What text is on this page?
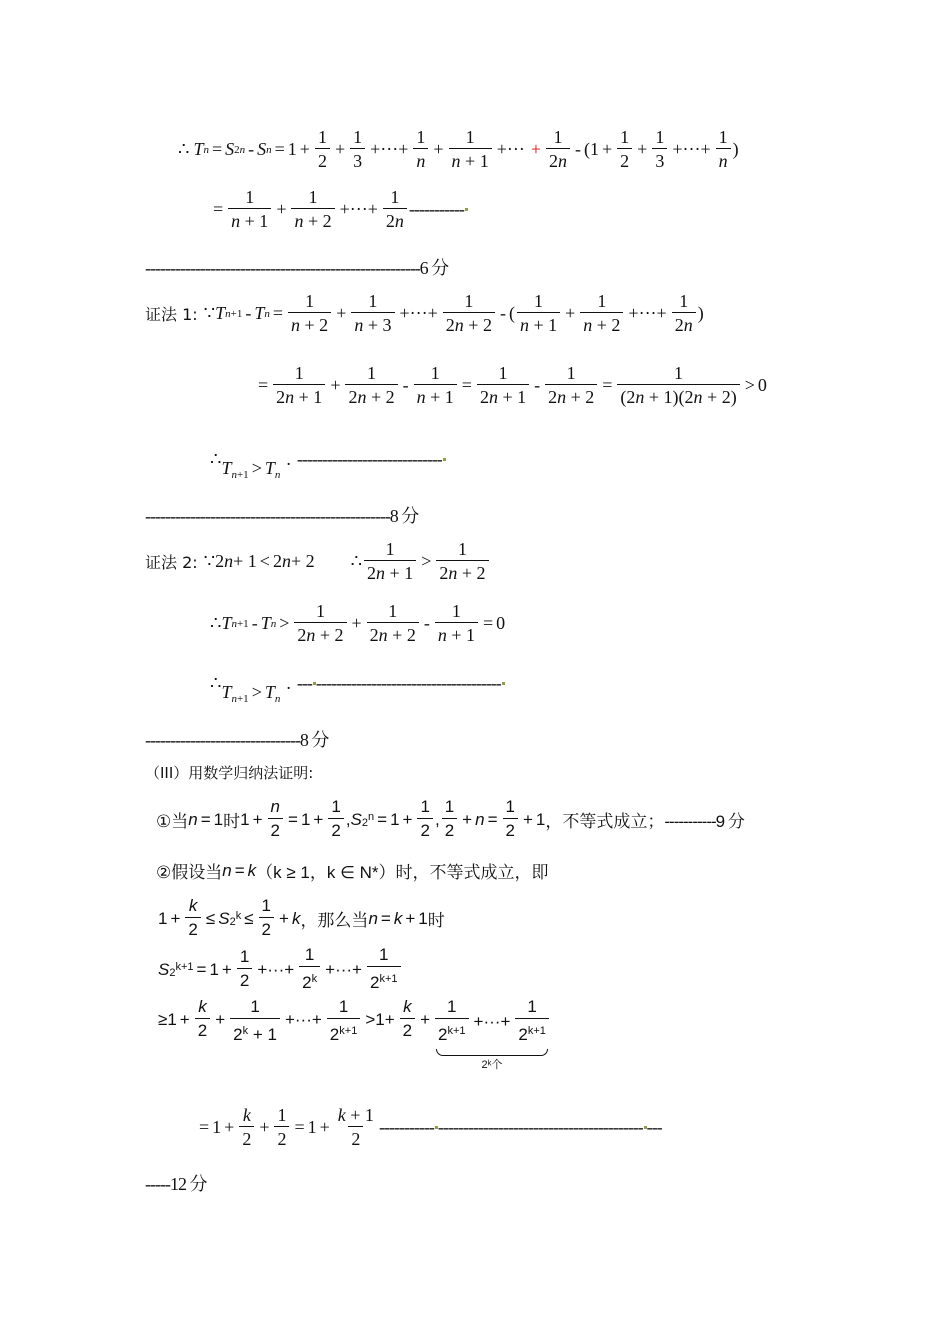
∴ T n = S 2n - S $n = 1 + \frac{1}{2} + \frac{1}{3}$ +···+ $\frac{1}{n} + \frac{1}{n + 1}$ +··· + $\frac{1}{2n} - (1 + \frac{1}{2} + \frac{1}{3}$ +···+ $\frac{1}{n}$ )
= $\frac{1}{n + 1} + \frac{1}{n + 2}$ +···+ $\frac{1}{2n}$ -----------
-------------------------------------------------------6 分
证法 1: ∵ T n+1 - T $n = \frac{1}{n + 2} + \frac{1}{n + 3}$ +···+ $\frac{1}{2n + 2}$ - ( $\frac{1}{n + 1} + \frac{1}{n + 2}$ +···+ $\frac{1}{2n}$ )
= $\frac{1}{2n + 1} + \frac{1}{2n + 2} - \frac{1}{n + 1} = \frac{1}{2n + 1} - \frac{1}{2n + 2} = \frac{1}{(2n + 1)(2n + 2)} > 0$
∴ $T_{n+1} > T_n$
. -----------------------------
-------------------------------------------------8 分
证法 2: ∵ 2 n + 1 < 2 n + 2 ∴ $\frac{1}{2n + 1} > \frac{1}{2n + 2}$
∴ T n+1 - T $n > \frac{1}{2n + 2} + \frac{1}{2n + 2} - \frac{1}{n + 1} = 0$
∴ $T_{n+1} > T_n$
. --- -------------------------------------
-------------------------------8 分
（III）用数学归纳法证明:
①当 n = 1 时 $1 + \frac{n}{2} = 1 + \frac{1}{2}$ , S $2^n = 1 + \frac{1}{2}$ , $\frac{1}{2} + n = \frac{1}{2} + 1$ ，不等式成立； -----------9 分
②假设当 n = k （k ≥ 1，k ∈ N*）时，不等式成立，即
$1 + \frac{k}{2} \le S$ $2^k \le \frac{1}{2} + k$ ，那么当 n = k + 1 时
S $2^{k+1} = 1 + \frac{1}{2}$ +···+ $\frac{1}{2^k}$ +···+ $\frac{1}{2^{k+1}}$
$\ge 1 + \frac{k}{2} + \frac{1}{2^k + 1}$ +···+ $\frac{1}{2^{k+1}} >1+ \frac{k}{2} + \frac{1}{2^{k+1}}$ +···+ $\frac{1}{2^{k+1}}$
2ᵏ个
= $1 + \frac{k}{2} + \frac{1}{2} = 1 + \frac{k + 1}{2}$ ----------- ----------------------------------------- ---
-----12 分
